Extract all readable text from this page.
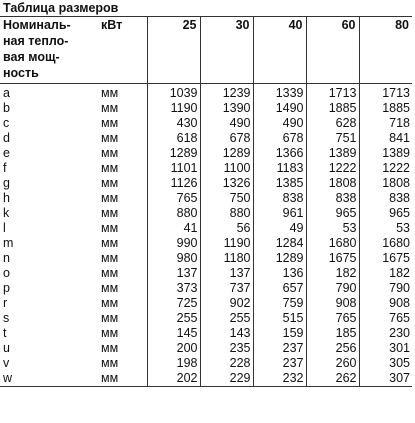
Таблица размеров
Номиналь-
ная тепло-
вая мощ-
ность	кВт	25	30	40	60	80
a	мм	1039	1239	1339	1713	1713
b	мм	1190	1390	1490	1885	1885
c	мм	430	490	490	628	718
d	мм	618	678	678	751	841
e	мм	1289	1289	1366	1389	1389
f	мм	1101	1100	1183	1222	1222
g	мм	1126	1326	1385	1808	1808
h	мм	765	750	838	838	838
k	мм	880	880	961	965	965
l	мм	41	56	49	53	53
m	мм	990	1190	1284	1680	1680
n	мм	980	1180	1289	1675	1675
o	мм	137	137	136	182	182
p	мм	373	737	657	790	790
r	мм	725	902	759	908	908
s	мм	255	255	515	765	765
t	мм	145	143	159	185	230
u	мм	200	235	237	256	301
v	мм	198	228	237	260	305
w	мм	202	229	232	262	307
